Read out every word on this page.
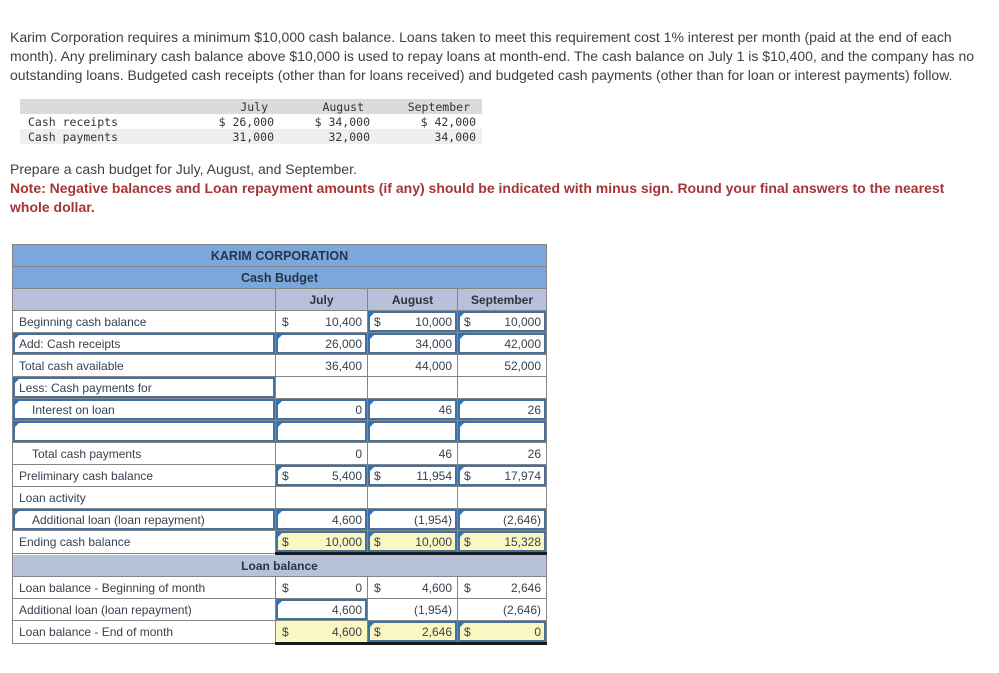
Karim Corporation requires a minimum $10,000 cash balance. Loans taken to meet this requirement cost 1% interest per month (paid at the end of each month). Any preliminary cash balance above $10,000 is used to repay loans at month-end. The cash balance on July 1 is $10,400, and the company has no outstanding loans. Budgeted cash receipts (other than for loans received) and budgeted cash payments (other than for loan or interest payments) follow.

	July	August	September
Cash receipts	$ 26,000	$ 34,000	$ 42,000
Cash payments	31,000	32,000	34,000

Prepare a cash budget for July, August, and September.

Note: Negative balances and Loan repayment amounts (if any) should be indicated with minus sign. Round your final answers to the nearest whole dollar.

KARIM CORPORATION			
Cash Budget			
	July	August	September

Beginning cash balance	$ 10,400	$ 10,000	$ 10,000

Add: Cash receipts	26,000	34,000	42,000

Total cash available	36,400	44,000	52,000

Less: Cash payments for			

Interest on loan	0	46	26

Total cash payments	0	46	26

Preliminary cash balance	$ 5,400	$ 11,954	$ 17,974

Loan activity			

Additional loan (loan repayment)	4,600	(1,954)	(2,646)

Ending cash balance	$ 10,000	$ 10,000	$ 15,328

Loan balance			

Loan balance - Beginning of month	$ 0	$ 4,600	$ 2,646

Additional loan (loan repayment)	4,600	(1,954)	(2,646)

Loan balance - End of month	$ 4,600	$ 2,646	$ 0
